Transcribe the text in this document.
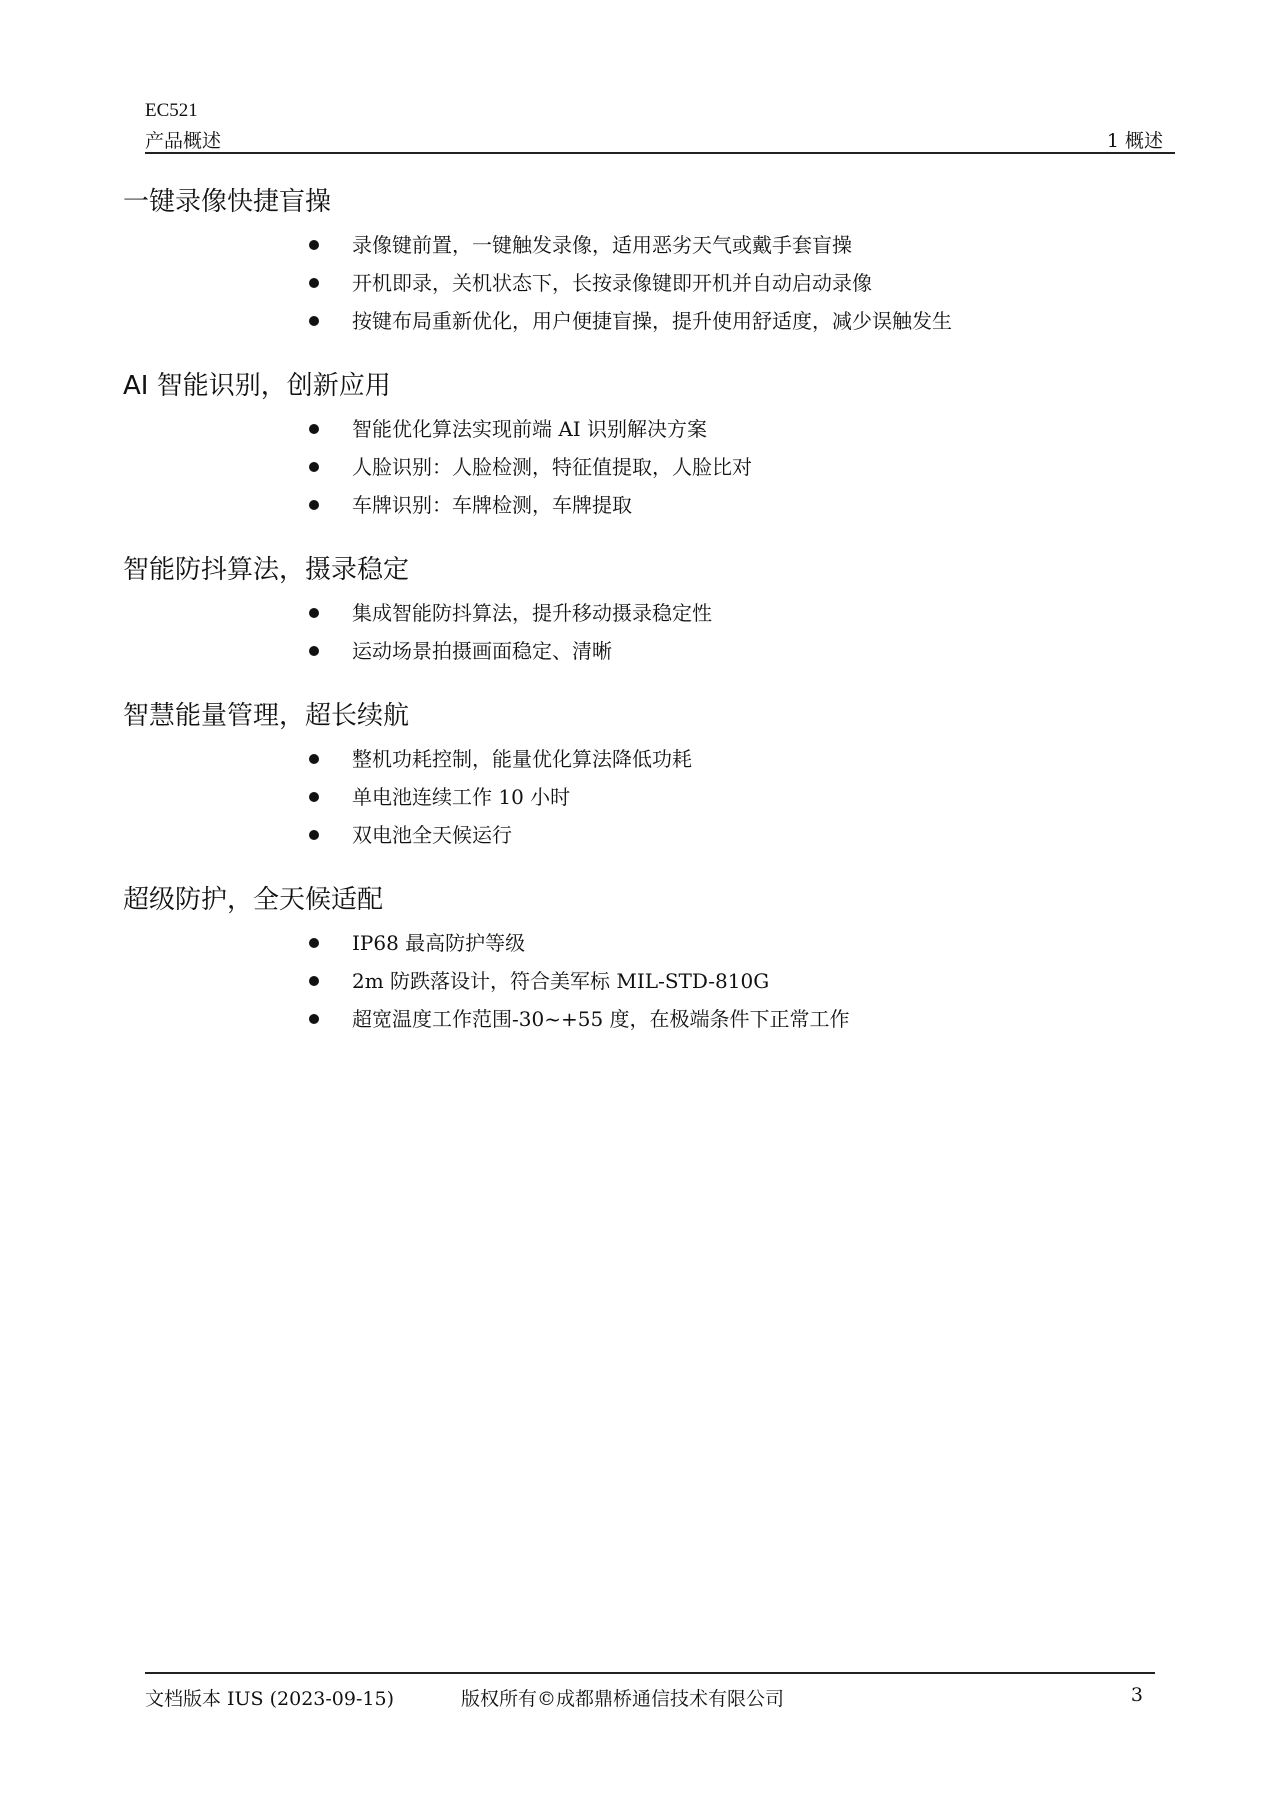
EC521
产品概述	1 概述
一键录像快捷盲操
录像键前置，一键触发录像，适用恶劣天气或戴手套盲操
开机即录，关机状态下，长按录像键即开机并自动启动录像
按键布局重新优化，用户便捷盲操，提升使用舒适度，减少误触发生
AI 智能识别，创新应用
智能优化算法实现前端 AI 识别解决方案
人脸识别：人脸检测，特征值提取，人脸比对
车牌识别：车牌检测，车牌提取
智能防抖算法，摄录稳定
集成智能防抖算法，提升移动摄录稳定性
运动场景拍摄画面稳定、清晰
智慧能量管理，超长续航
整机功耗控制，能量优化算法降低功耗
单电池连续工作 10 小时
双电池全天候运行
超级防护，全天候适配
IP68 最高防护等级
2m 防跌落设计，符合美军标 MIL-STD-810G
超宽温度工作范围-30~+55 度，在极端条件下正常工作
文档版本 IUS (2023-09-15)	版权所有©成都鼎桥通信技术有限公司	3
